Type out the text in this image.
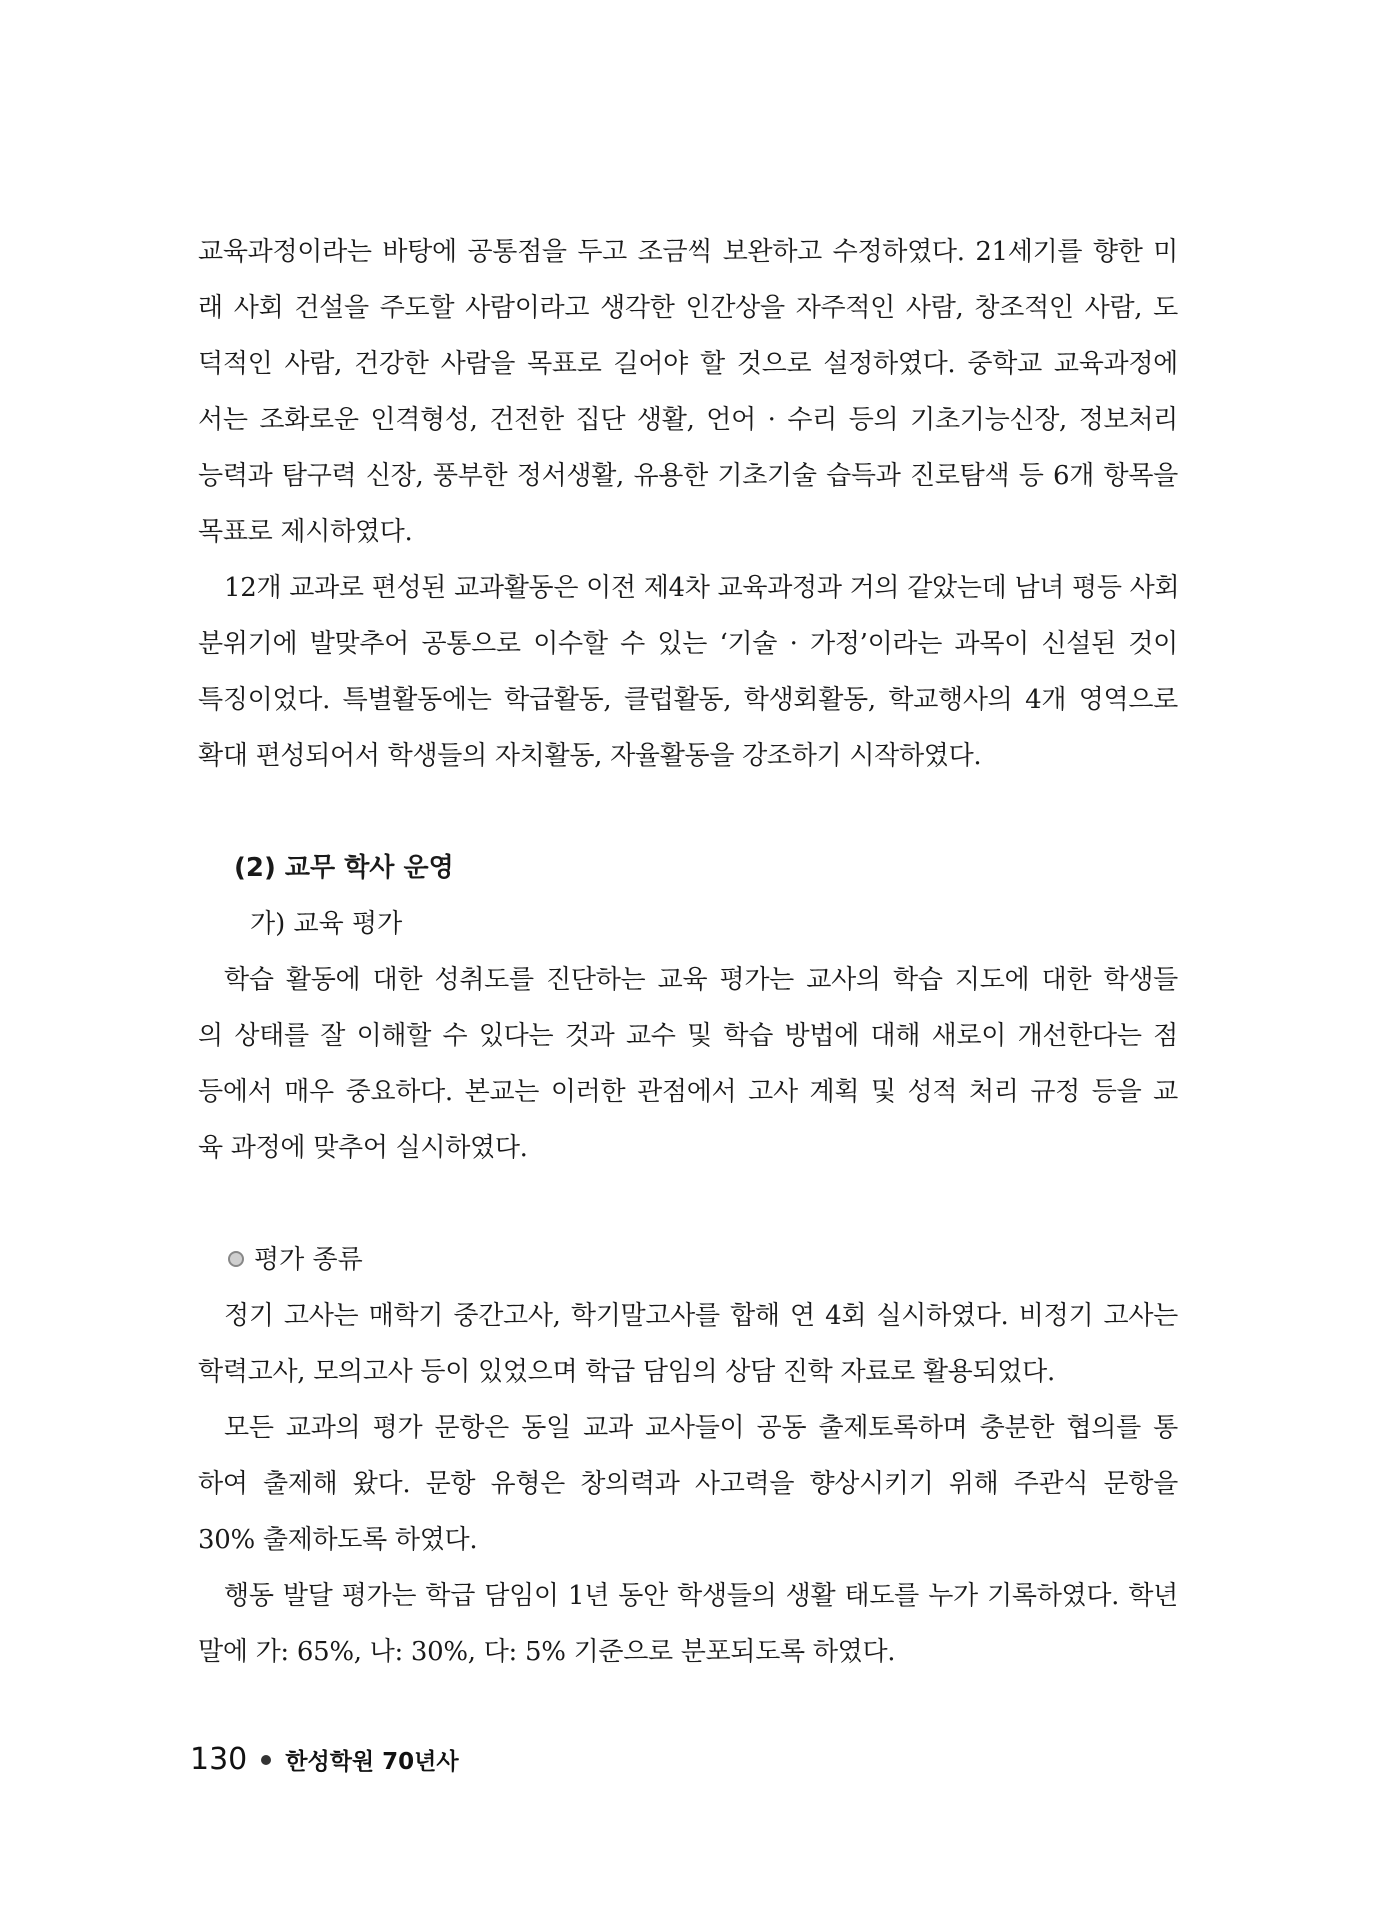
교육과정이라는 바탕에 공통점을 두고 조금씩 보완하고 수정하였다. 21세기를 향한 미
래 사회 건설을 주도할 사람이라고 생각한 인간상을 자주적인 사람, 창조적인 사람, 도
덕적인 사람, 건강한 사람을 목표로 길어야 할 것으로 설정하였다. 중학교 교육과정에
서는 조화로운 인격형성, 건전한 집단 생활, 언어 · 수리 등의 기초기능신장, 정보처리
능력과 탐구력 신장, 풍부한 정서생활, 유용한 기초기술 습득과 진로탐색 등 6개 항목을
목표로 제시하였다.
12개 교과로 편성된 교과활동은 이전 제4차 교육과정과 거의 같았는데 남녀 평등 사회
분위기에 발맞추어 공통으로 이수할 수 있는 ‘기술 · 가정’이라는 과목이 신설된 것이
특징이었다. 특별활동에는 학급활동, 클럽활동, 학생회활동, 학교행사의 4개 영역으로
확대 편성되어서 학생들의 자치활동, 자율활동을 강조하기 시작하였다.
(2) 교무 학사 운영
가) 교육 평가
학습 활동에 대한 성취도를 진단하는 교육 평가는 교사의 학습 지도에 대한 학생들
의 상태를 잘 이해할 수 있다는 것과 교수 및 학습 방법에 대해 새로이 개선한다는 점
등에서 매우 중요하다. 본교는 이러한 관점에서 고사 계획 및 성적 처리 규정 등을 교
육 과정에 맞추어 실시하였다.
평가 종류
정기 고사는 매학기 중간고사, 학기말고사를 합해 연 4회 실시하였다. 비정기 고사는
학력고사, 모의고사 등이 있었으며 학급 담임의 상담 진학 자료로 활용되었다.
모든 교과의 평가 문항은 동일 교과 교사들이 공동 출제토록하며 충분한 협의를 통
하여 출제해 왔다. 문항 유형은 창의력과 사고력을 향상시키기 위해 주관식 문항을
30% 출제하도록 하였다.
행동 발달 평가는 학급 담임이 1년 동안 학생들의 생활 태도를 누가 기록하였다. 학년
말에 가: 65%, 나: 30%, 다: 5% 기준으로 분포되도록 하였다.
130 한성학원 70년사
